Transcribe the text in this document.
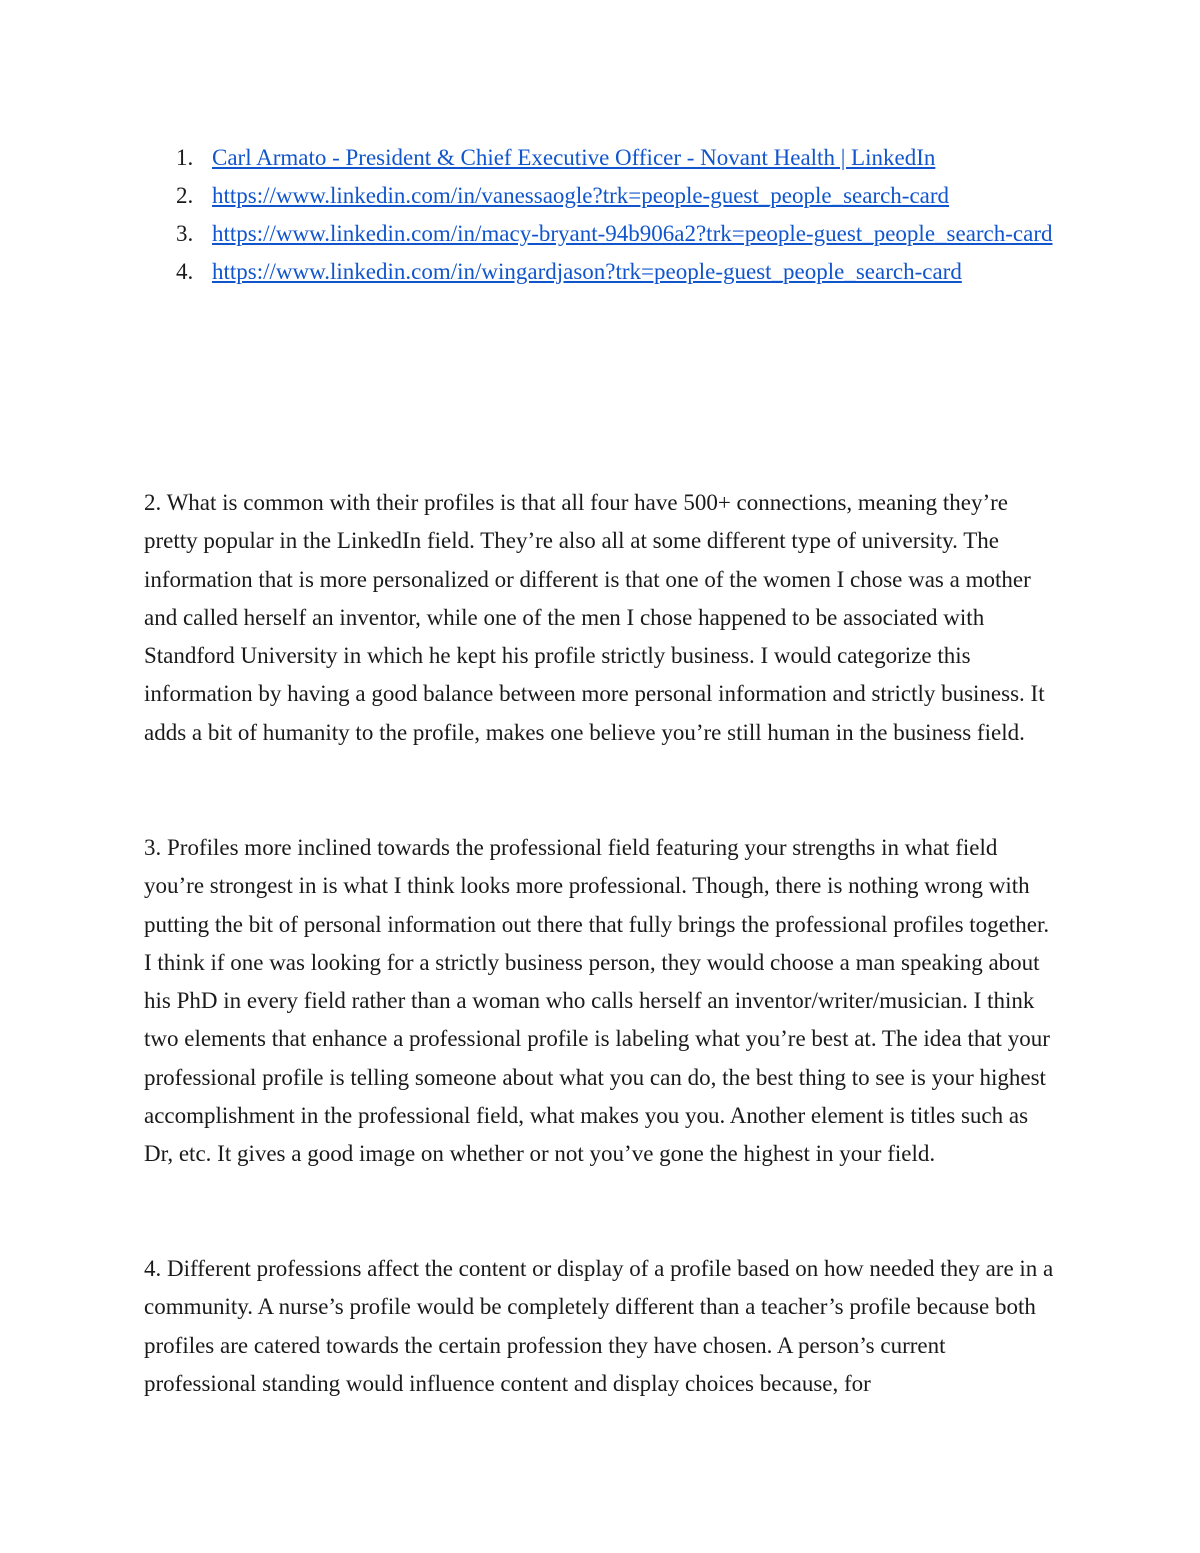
1. Carl Armato - President & Chief Executive Officer - Novant Health | LinkedIn
2. https://www.linkedin.com/in/vanessaogle?trk=people-guest_people_search-card
3. https://www.linkedin.com/in/macy-bryant-94b906a2?trk=people-guest_people_search-card
4. https://www.linkedin.com/in/wingardjason?trk=people-guest_people_search-card

2. What is common with their profiles is that all four have 500+ connections, meaning they’re pretty popular in the LinkedIn field. They’re also all at some different type of university. The information that is more personalized or different is that one of the women I chose was a mother and called herself an inventor, while one of the men I chose happened to be associated with Standford University in which he kept his profile strictly business. I would categorize this information by having a good balance between more personal information and strictly business. It adds a bit of humanity to the profile, makes one believe you’re still human in the business field.

3. Profiles more inclined towards the professional field featuring your strengths in what field you’re strongest in is what I think looks more professional. Though, there is nothing wrong with putting the bit of personal information out there that fully brings the professional profiles together. I think if one was looking for a strictly business person, they would choose a man speaking about his PhD in every field rather than a woman who calls herself an inventor/writer/musician. I think two elements that enhance a professional profile is labeling what you’re best at. The idea that your professional profile is telling someone about what you can do, the best thing to see is your highest accomplishment in the professional field, what makes you you. Another element is titles such as Dr, etc. It gives a good image on whether or not you’ve gone the highest in your field.

4. Different professions affect the content or display of a profile based on how needed they are in a community. A nurse’s profile would be completely different than a teacher’s profile because both profiles are catered towards the certain profession they have chosen. A person’s current professional standing would influence content and display choices because, for
